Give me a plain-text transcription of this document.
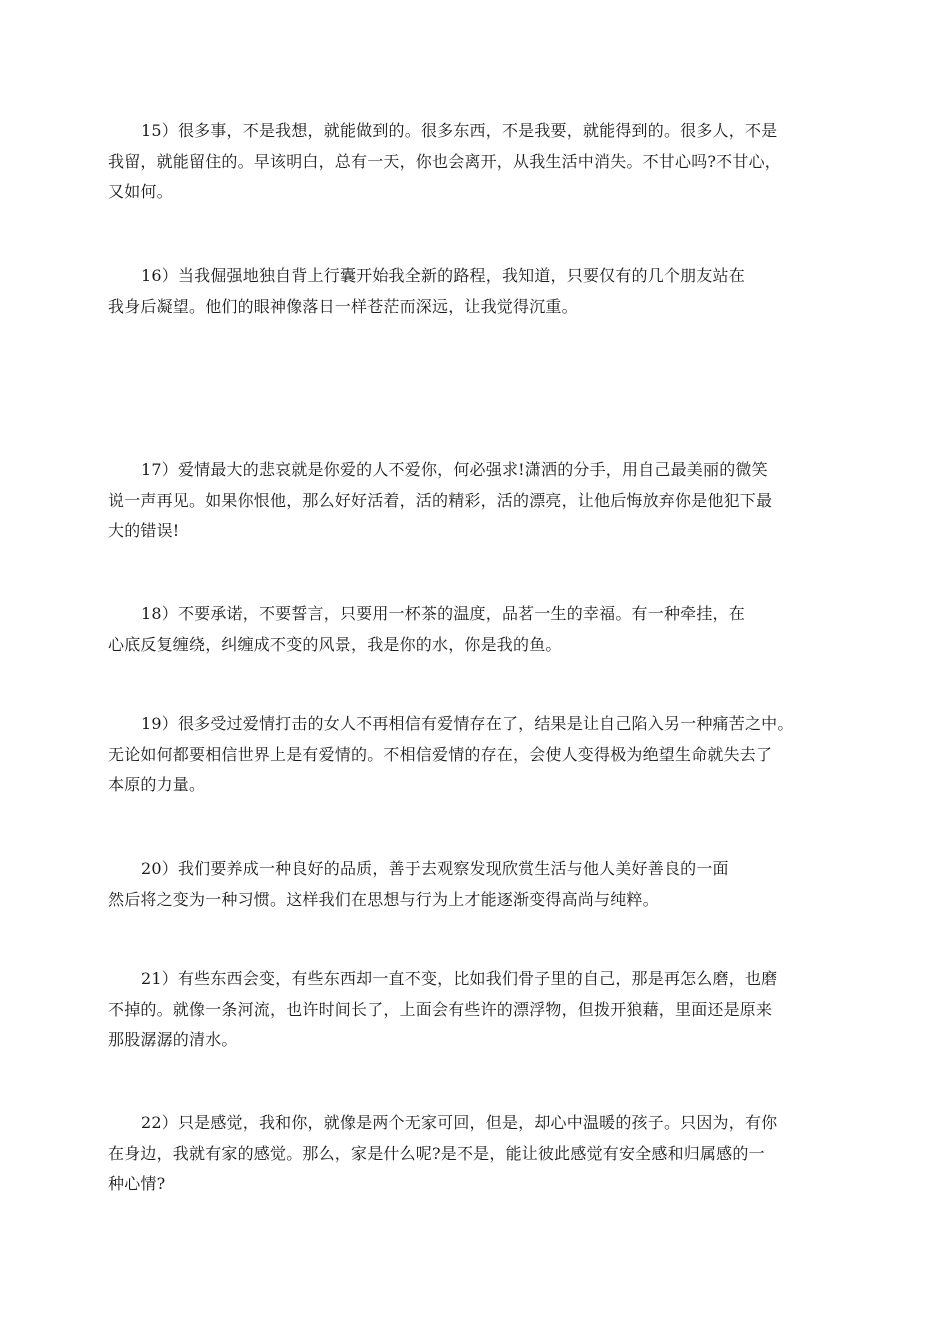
15）很多事，不是我想，就能做到的。很多东西，不是我要，就能得到的。很多人，不是
我留，就能留住的。早该明白，总有一天，你也会离开，从我生活中消失。不甘心吗?不甘心，
又如何。

16）当我倔强地独自背上行囊开始我全新的路程，我知道，只要仅有的几个朋友站在
我身后凝望。他们的眼神像落日一样苍茫而深远，让我觉得沉重。

17）爱情最大的悲哀就是你爱的人不爱你，何必强求!潇洒的分手，用自己最美丽的微笑
说一声再见。如果你恨他，那么好好活着，活的精彩，活的漂亮，让他后悔放弃你是他犯下最
大的错误!

18）不要承诺，不要誓言，只要用一杯茶的温度，品茗一生的幸福。有一种牵挂，在
心底反复缠绕，纠缠成不变的风景，我是你的水，你是我的鱼。

19）很多受过爱情打击的女人不再相信有爱情存在了，结果是让自己陷入另一种痛苦之中。
无论如何都要相信世界上是有爱情的。不相信爱情的存在，会使人变得极为绝望生命就失去了
本原的力量。

20）我们要养成一种良好的品质，善于去观察发现欣赏生活与他人美好善良的一面
然后将之变为一种习惯。这样我们在思想与行为上才能逐渐变得高尚与纯粹。

21）有些东西会变，有些东西却一直不变，比如我们骨子里的自己，那是再怎么磨，也磨
不掉的。就像一条河流，也许时间长了，上面会有些许的漂浮物，但拨开狼藉，里面还是原来
那股潺潺的清水。

22）只是感觉，我和你，就像是两个无家可回，但是，却心中温暖的孩子。只因为，有你
在身边，我就有家的感觉。那么，家是什么呢?是不是，能让彼此感觉有安全感和归属感的一
种心情?
